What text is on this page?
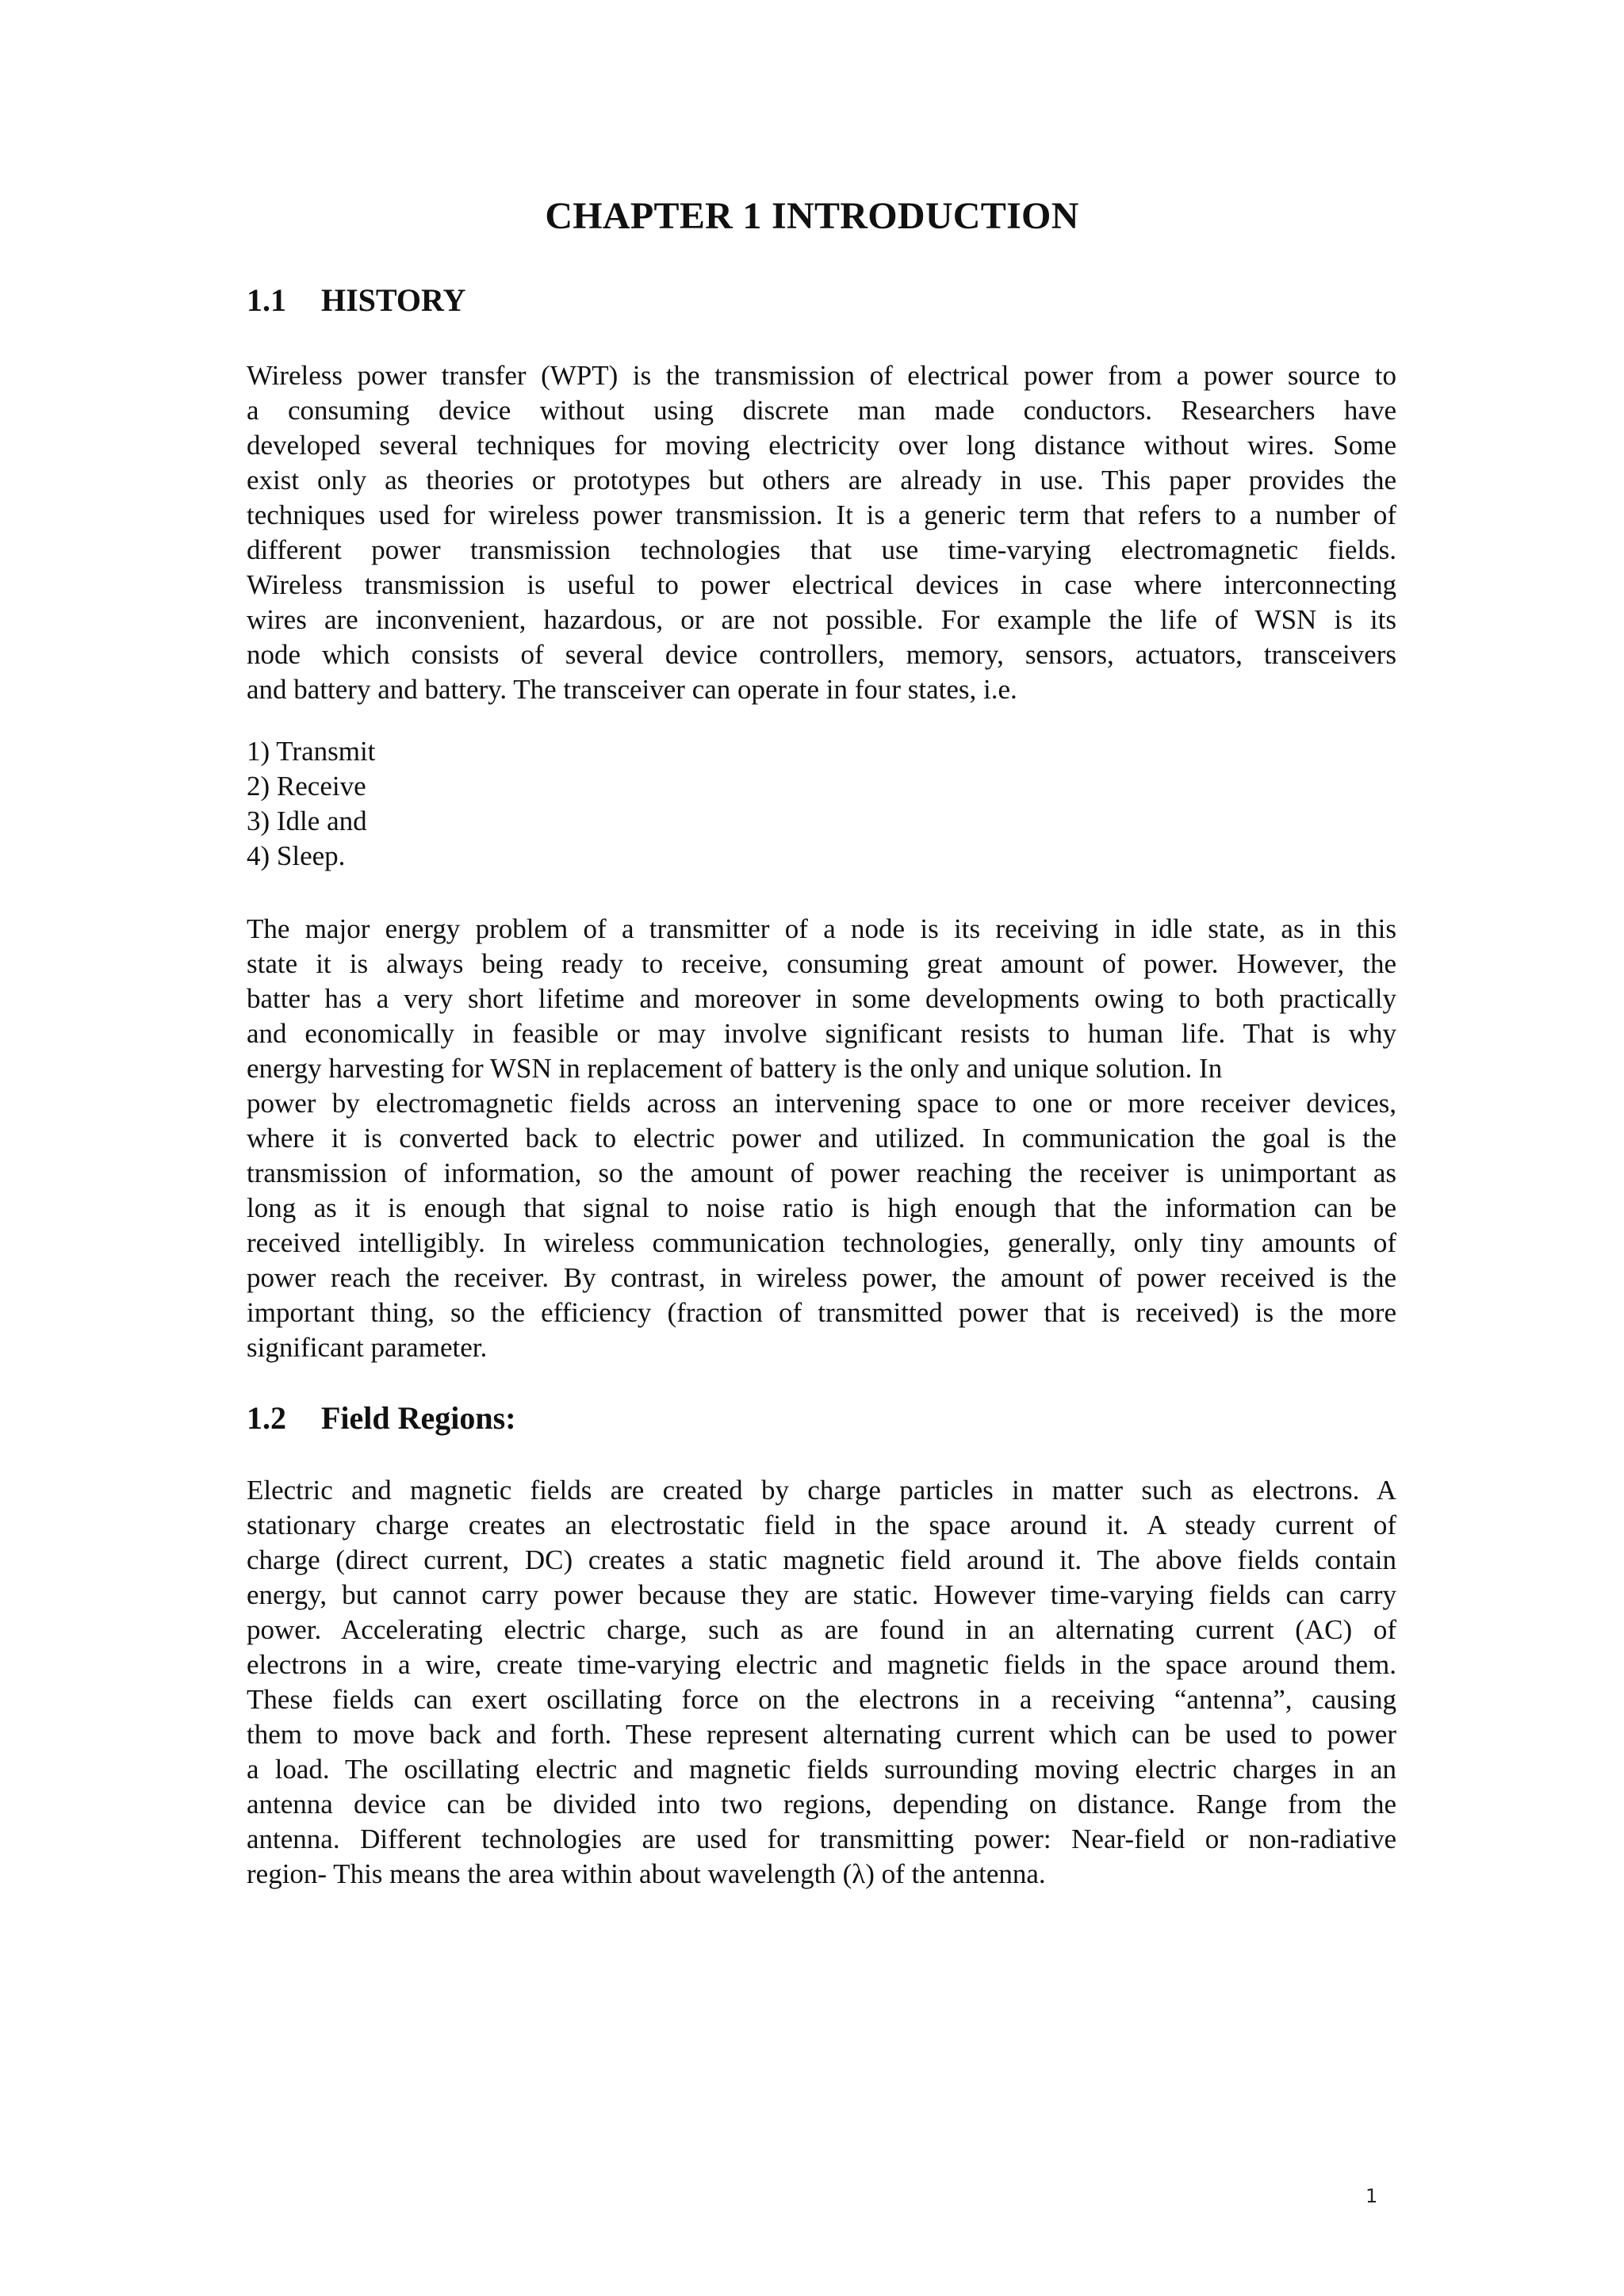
CHAPTER 1 INTRODUCTION
1.1 HISTORY
Wireless power transfer (WPT) is the transmission of electrical power from a power source to
a consuming device without using discrete man made conductors. Researchers have
developed several techniques for moving electricity over long distance without wires. Some
exist only as theories or prototypes but others are already in use. This paper provides the
techniques used for wireless power transmission. It is a generic term that refers to a number of
different power transmission technologies that use time-varying electromagnetic fields.
Wireless transmission is useful to power electrical devices in case where interconnecting
wires are inconvenient, hazardous, or are not possible. For example the life of WSN is its
node which consists of several device controllers, memory, sensors, actuators, transceivers
and battery and battery. The transceiver can operate in four states, i.e.
1) Transmit
2) Receive
3) Idle and
4) Sleep.
The major energy problem of a transmitter of a node is its receiving in idle state, as in this
state it is always being ready to receive, consuming great amount of power. However, the
batter has a very short lifetime and moreover in some developments owing to both practically
and economically in feasible or may involve significant resists to human life. That is why
energy harvesting for WSN in replacement of battery is the only and unique solution. In
power by electromagnetic fields across an intervening space to one or more receiver devices,
where it is converted back to electric power and utilized. In communication the goal is the
transmission of information, so the amount of power reaching the receiver is unimportant as
long as it is enough that signal to noise ratio is high enough that the information can be
received intelligibly. In wireless communication technologies, generally, only tiny amounts of
power reach the receiver. By contrast, in wireless power, the amount of power received is the
important thing, so the efficiency (fraction of transmitted power that is received) is the more
significant parameter.
1.2 Field Regions:
Electric and magnetic fields are created by charge particles in matter such as electrons. A
stationary charge creates an electrostatic field in the space around it. A steady current of
charge (direct current, DC) creates a static magnetic field around it. The above fields contain
energy, but cannot carry power because they are static. However time-varying fields can carry
power. Accelerating electric charge, such as are found in an alternating current (AC) of
electrons in a wire, create time-varying electric and magnetic fields in the space around them.
These fields can exert oscillating force on the electrons in a receiving “antenna”, causing
them to move back and forth. These represent alternating current which can be used to power
a load. The oscillating electric and magnetic fields surrounding moving electric charges in an
antenna device can be divided into two regions, depending on distance. Range from the
antenna. Different technologies are used for transmitting power: Near-field or non-radiative
region- This means the area within about wavelength (λ) of the antenna.
1
